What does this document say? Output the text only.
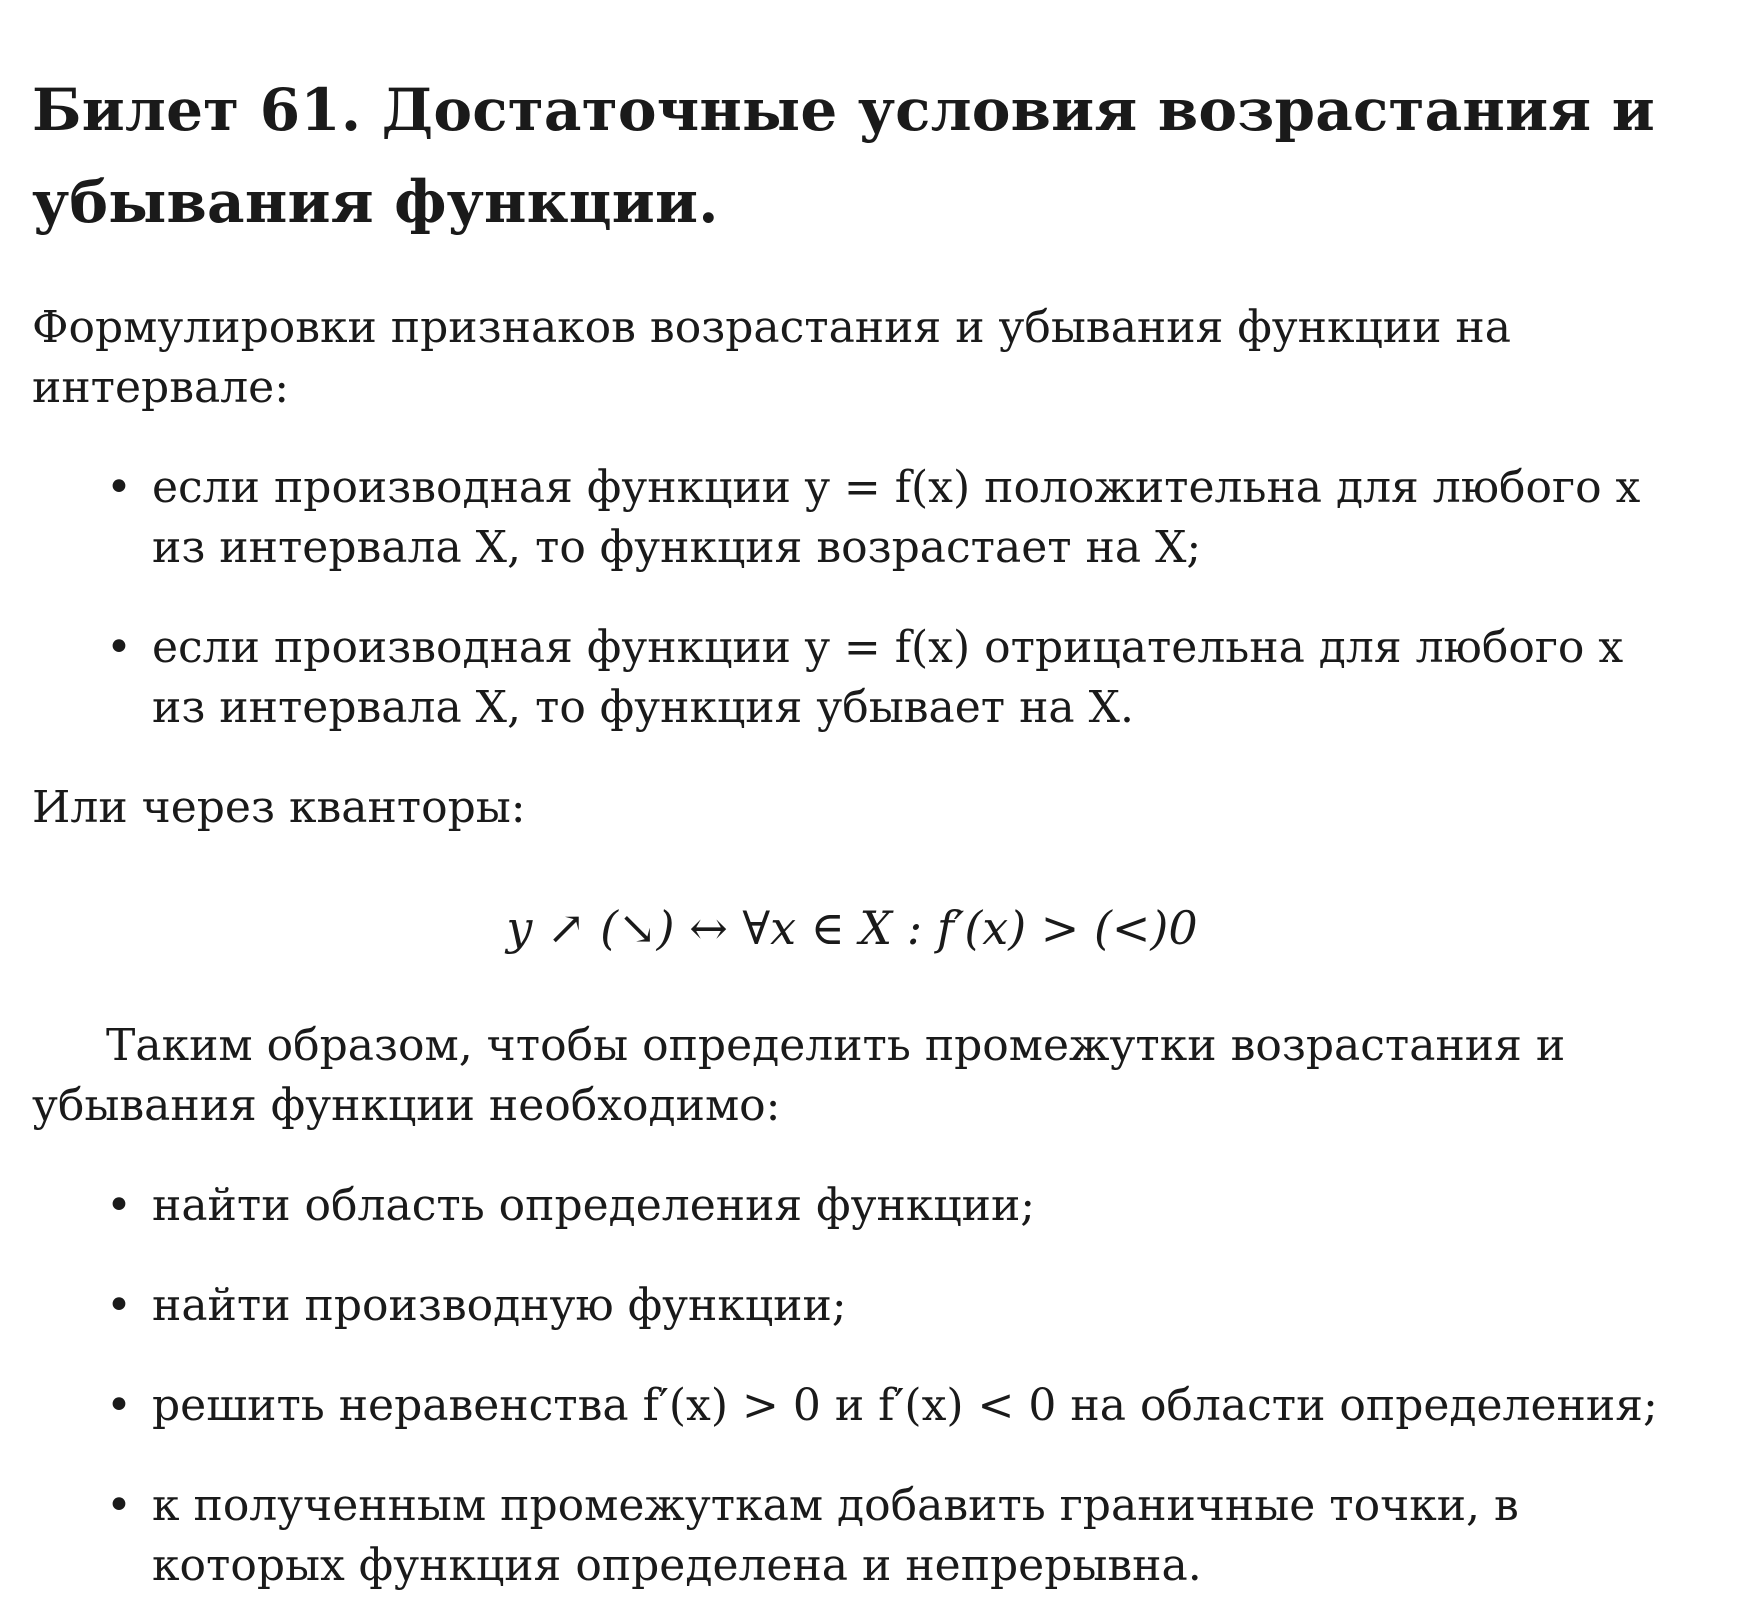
Билет 61. Достаточные условия возрастания и убывания функции.

Формулировки признаков возрастания и убывания функции на интервале:

• если производная функции y = f(x) положительна для любого x из интервала X, то функция возрастает на X;
• если производная функции y = f(x) отрицательна для любого x из интервала X, то функция убывает на X.

Или через кванторы:

y ↗ (↘) ↔ ∀x ∈ X : f′(x) > (<)0

Таким образом, чтобы определить промежутки возрастания и убывания функции необходимо:

• найти область определения функции;
• найти производную функции;
• решить неравенства f′(x) > 0 и f′(x) < 0 на области определения;
• к полученным промежуткам добавить граничные точки, в которых функция определена и непрерывна.
